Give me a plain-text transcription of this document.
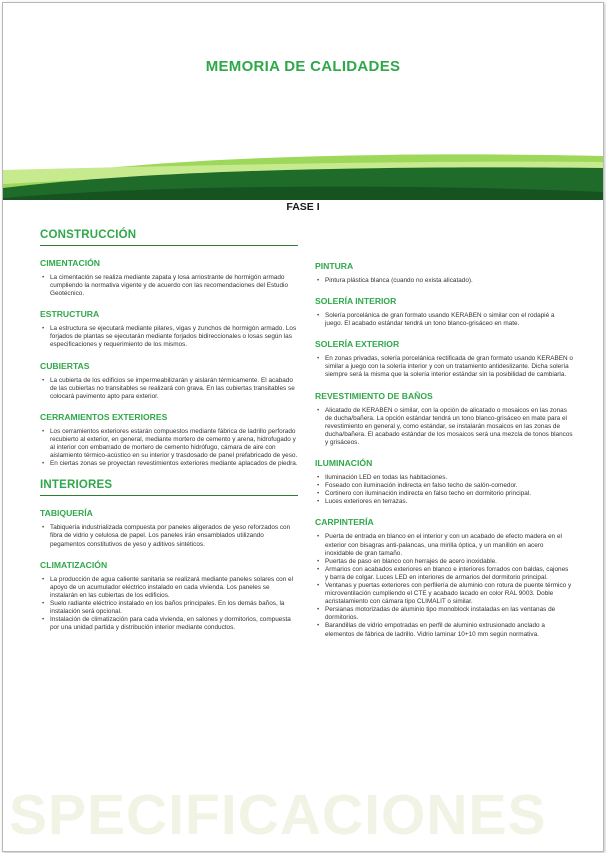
MEMORIA DE CALIDADES
FASE I
CONSTRUCCIÓN
CIMENTACIÓN
• La cimentación se realiza mediante zapata y losa arriostrante de hormigón armado cumpliendo la normativa vigente y de acuerdo con las recomendaciones del Estudio Geotécnico.
ESTRUCTURA
• La estructura se ejecutará mediante pilares, vigas y zunchos de hormigón armado. Los forjados de plantas se ejecutarán mediante forjados bidireccionales o losas según las especificaciones y requerimiento de los mismos.
CUBIERTAS
• La cubierta de los edificios se impermeabilizarán y aislarán térmicamente. El acabado de las cubiertas no transitables se realizará con grava. En las cubiertas transitables se colocará pavimento apto para exterior.
CERRAMIENTOS EXTERIORES
• Los cerramientos exteriores estarán compuestos mediante fábrica de ladrillo perforado recubierto al exterior, en general, mediante mortero de cemento y arena, hidrofugado y al interior con embarrado de mortero de cemento hidrófugo, cámara de aire con aislamiento térmico-acústico en su interior y trasdosado de panel prefabricado de yeso.
• En ciertas zonas se proyectan revestimientos exteriores mediante aplacados de piedra.
INTERIORES
TABIQUERÍA
• Tabiquería industrializada compuesta por paneles aligerados de yeso reforzados con fibra de vidrio y celulosa de papel. Los paneles irán ensamblados utilizando pegamentos constitutivos de yeso y aditivos sintéticos.
CLIMATIZACIÓN
• La producción de agua caliente sanitaria se realizará mediante paneles solares con el apoyo de un acumulador eléctrico instalado en cada vivienda. Los paneles se instalarán en las cubiertas de los edificios.
• Suelo radiante eléctrico instalado en los baños principales. En los demás baños, la instalación será opcional.
• Instalación de climatización para cada vivienda, en salones y dormitorios, compuesta por una unidad partida y distribución interior mediante conductos.
PINTURA
• Pintura plástica blanca (cuando no exista alicatado).
SOLERÍA INTERIOR
• Solería porcelánica de gran formato usando KERABEN o similar con el rodapié a juego. El acabado estándar tendrá un tono blanco-grisáceo en mate.
SOLERÍA EXTERIOR
• En zonas privadas, solería porcelánica rectificada de gran formato usando KERABEN o similar a juego con la solería interior y con un tratamiento antideslizante. Dicha solería siempre será la misma que la solería interior estándar sin la posibilidad de cambiarla.
REVESTIMIENTO DE BAÑOS
• Alicatado de KERABEN o similar, con la opción de alicatado o mosaicos en las zonas de ducha/bañera. La opción estándar tendrá un tono blanco-grisáceo en mate para el revestimiento en general y, como estándar, se instalarán mosaicos en las zonas de ducha/bañera. El acabado estándar de los mosaicos será una mezcla de tonos blancos y grisáceos.
ILUMINACIÓN
• Iluminación LED en todas las habitaciones.
• Foseado con iluminación indirecta en falso techo de salón-comedor.
• Cortinero con iluminación indirecta en falso techo en dormitorio principal.
• Luces exteriores en terrazas.
CARPINTERÍA
• Puerta de entrada en blanco en el interior y con un acabado de efecto madera en el exterior con bisagras anti-palancas, una mirilla óptica, y un manillón en acero inoxidable de gran tamaño.
• Puertas de paso en blanco con herrajes de acero inoxidable.
• Armarios con acabados exteriores en blanco e interiores forrados con baldas, cajones y barra de colgar. Luces LED en interiores de armarios del dormitorio principal.
• Ventanas y puertas exteriores con perfilería de aluminio con rotura de puente térmico y microventilación cumpliendo el CTE y acabado lacado en color RAL 9003. Doble acristalamiento con cámara tipo CLIMALIT o similar.
• Persianas motorizadas de aluminio tipo monoblock instaladas en las ventanas de dormitorios.
• Barandillas de vidrio empotradas en perfil de aluminio extrusionado anclado a elementos de fábrica de ladrillo. Vidrio laminar 10+10 mm según normativa.
SPECIFICACIONES
